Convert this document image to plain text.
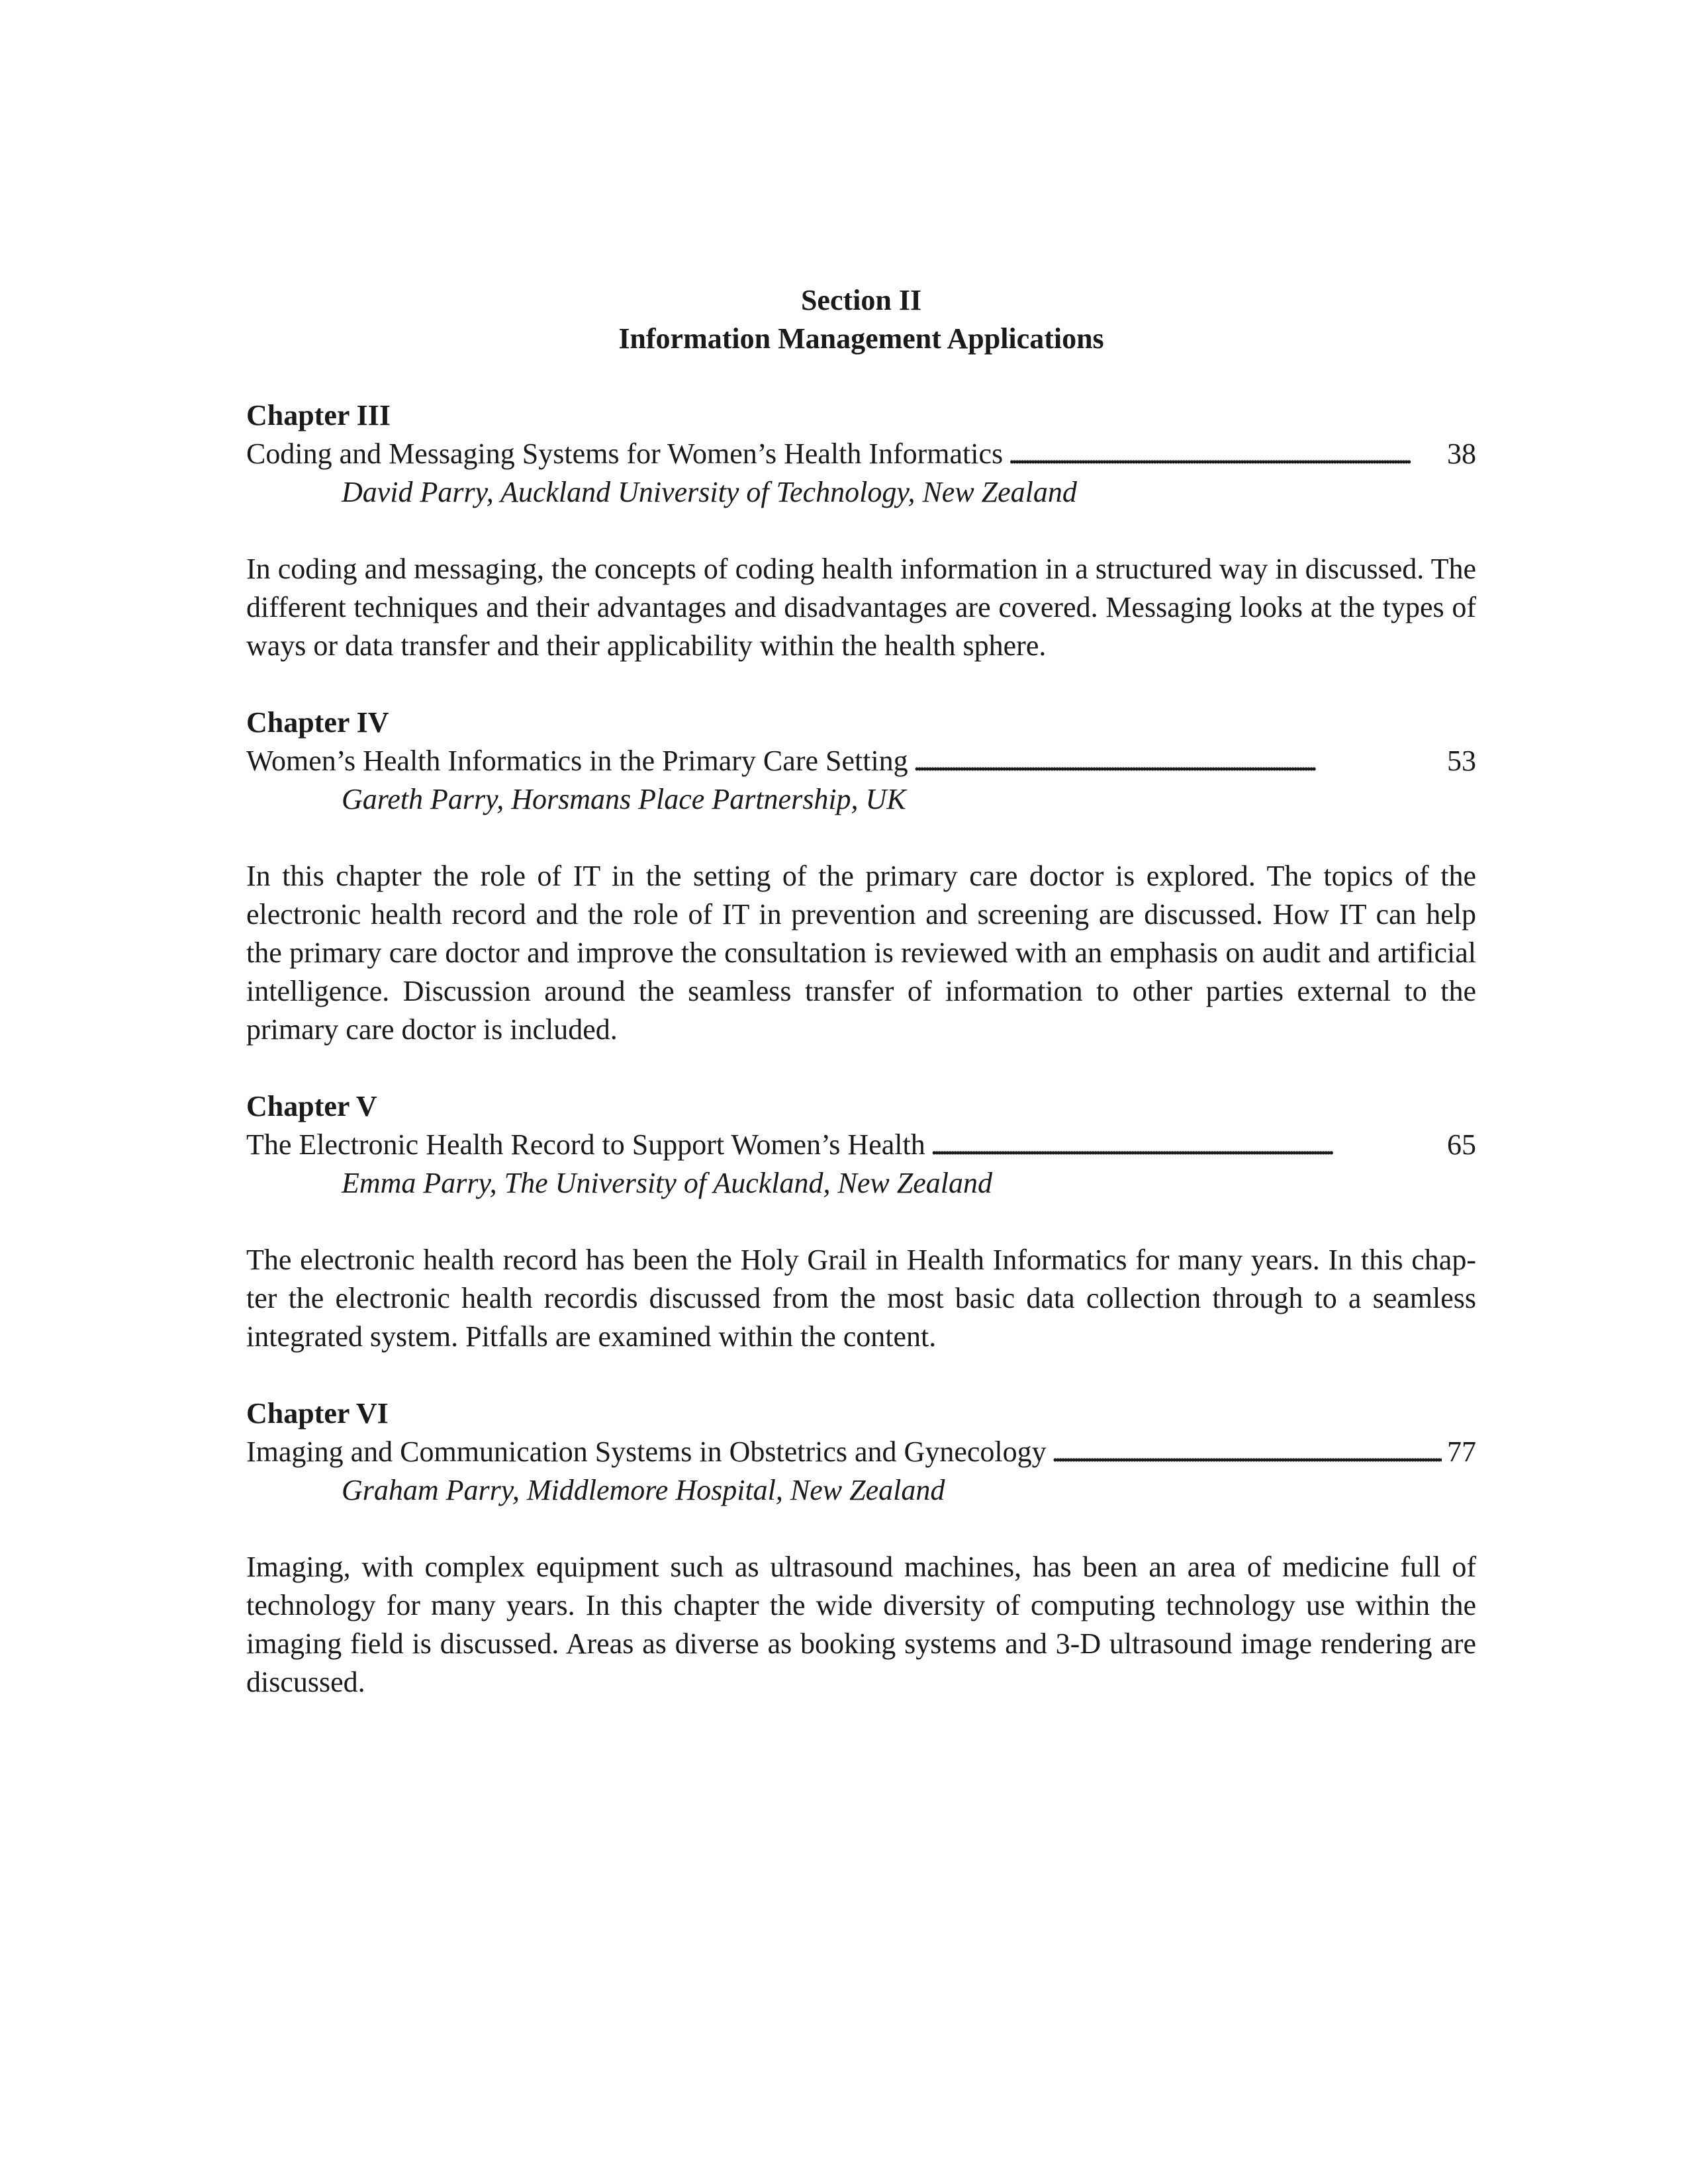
Section II
Information Management Applications
Chapter III
Coding and Messaging Systems for Women’s Health Informatics . . .	38
David Parry, Auckland University of Technology, New Zealand
In coding and messaging, the concepts of coding health information in a structured way in discussed. The different techniques and their advantages and disadvantages are covered. Messaging looks at the types of ways or data transfer and their applicability within the health sphere.
Chapter IV
Women’s Health Informatics in the Primary Care Setting . . .	53
Gareth Parry, Horsmans Place Partnership, UK
In this chapter the role of IT in the setting of the primary care doctor is explored. The topics of the electronic health record and the role of IT in prevention and screening are discussed. How IT can help the primary care doctor and improve the consultation is reviewed with an emphasis on audit and artificial intelligence. Discussion around the seamless transfer of information to other parties external to the primary care doctor is included.
Chapter V
The Electronic Health Record to Support Women’s Health . . .	65
Emma Parry, The University of Auckland, New Zealand
The electronic health record has been the Holy Grail in Health Informatics for many years. In this chapter the electronic health recordis discussed from the most basic data collection through to a seamless integrated system. Pitfalls are examined within the content.
Chapter VI
Imaging and Communication Systems in Obstetrics and Gynecology . . .	77
Graham Parry, Middlemore Hospital, New Zealand
Imaging, with complex equipment such as ultrasound machines, has been an area of medicine full of technology for many years. In this chapter the wide diversity of computing technology use within the imaging field is discussed. Areas as diverse as booking systems and 3-D ultrasound image rendering are discussed.
